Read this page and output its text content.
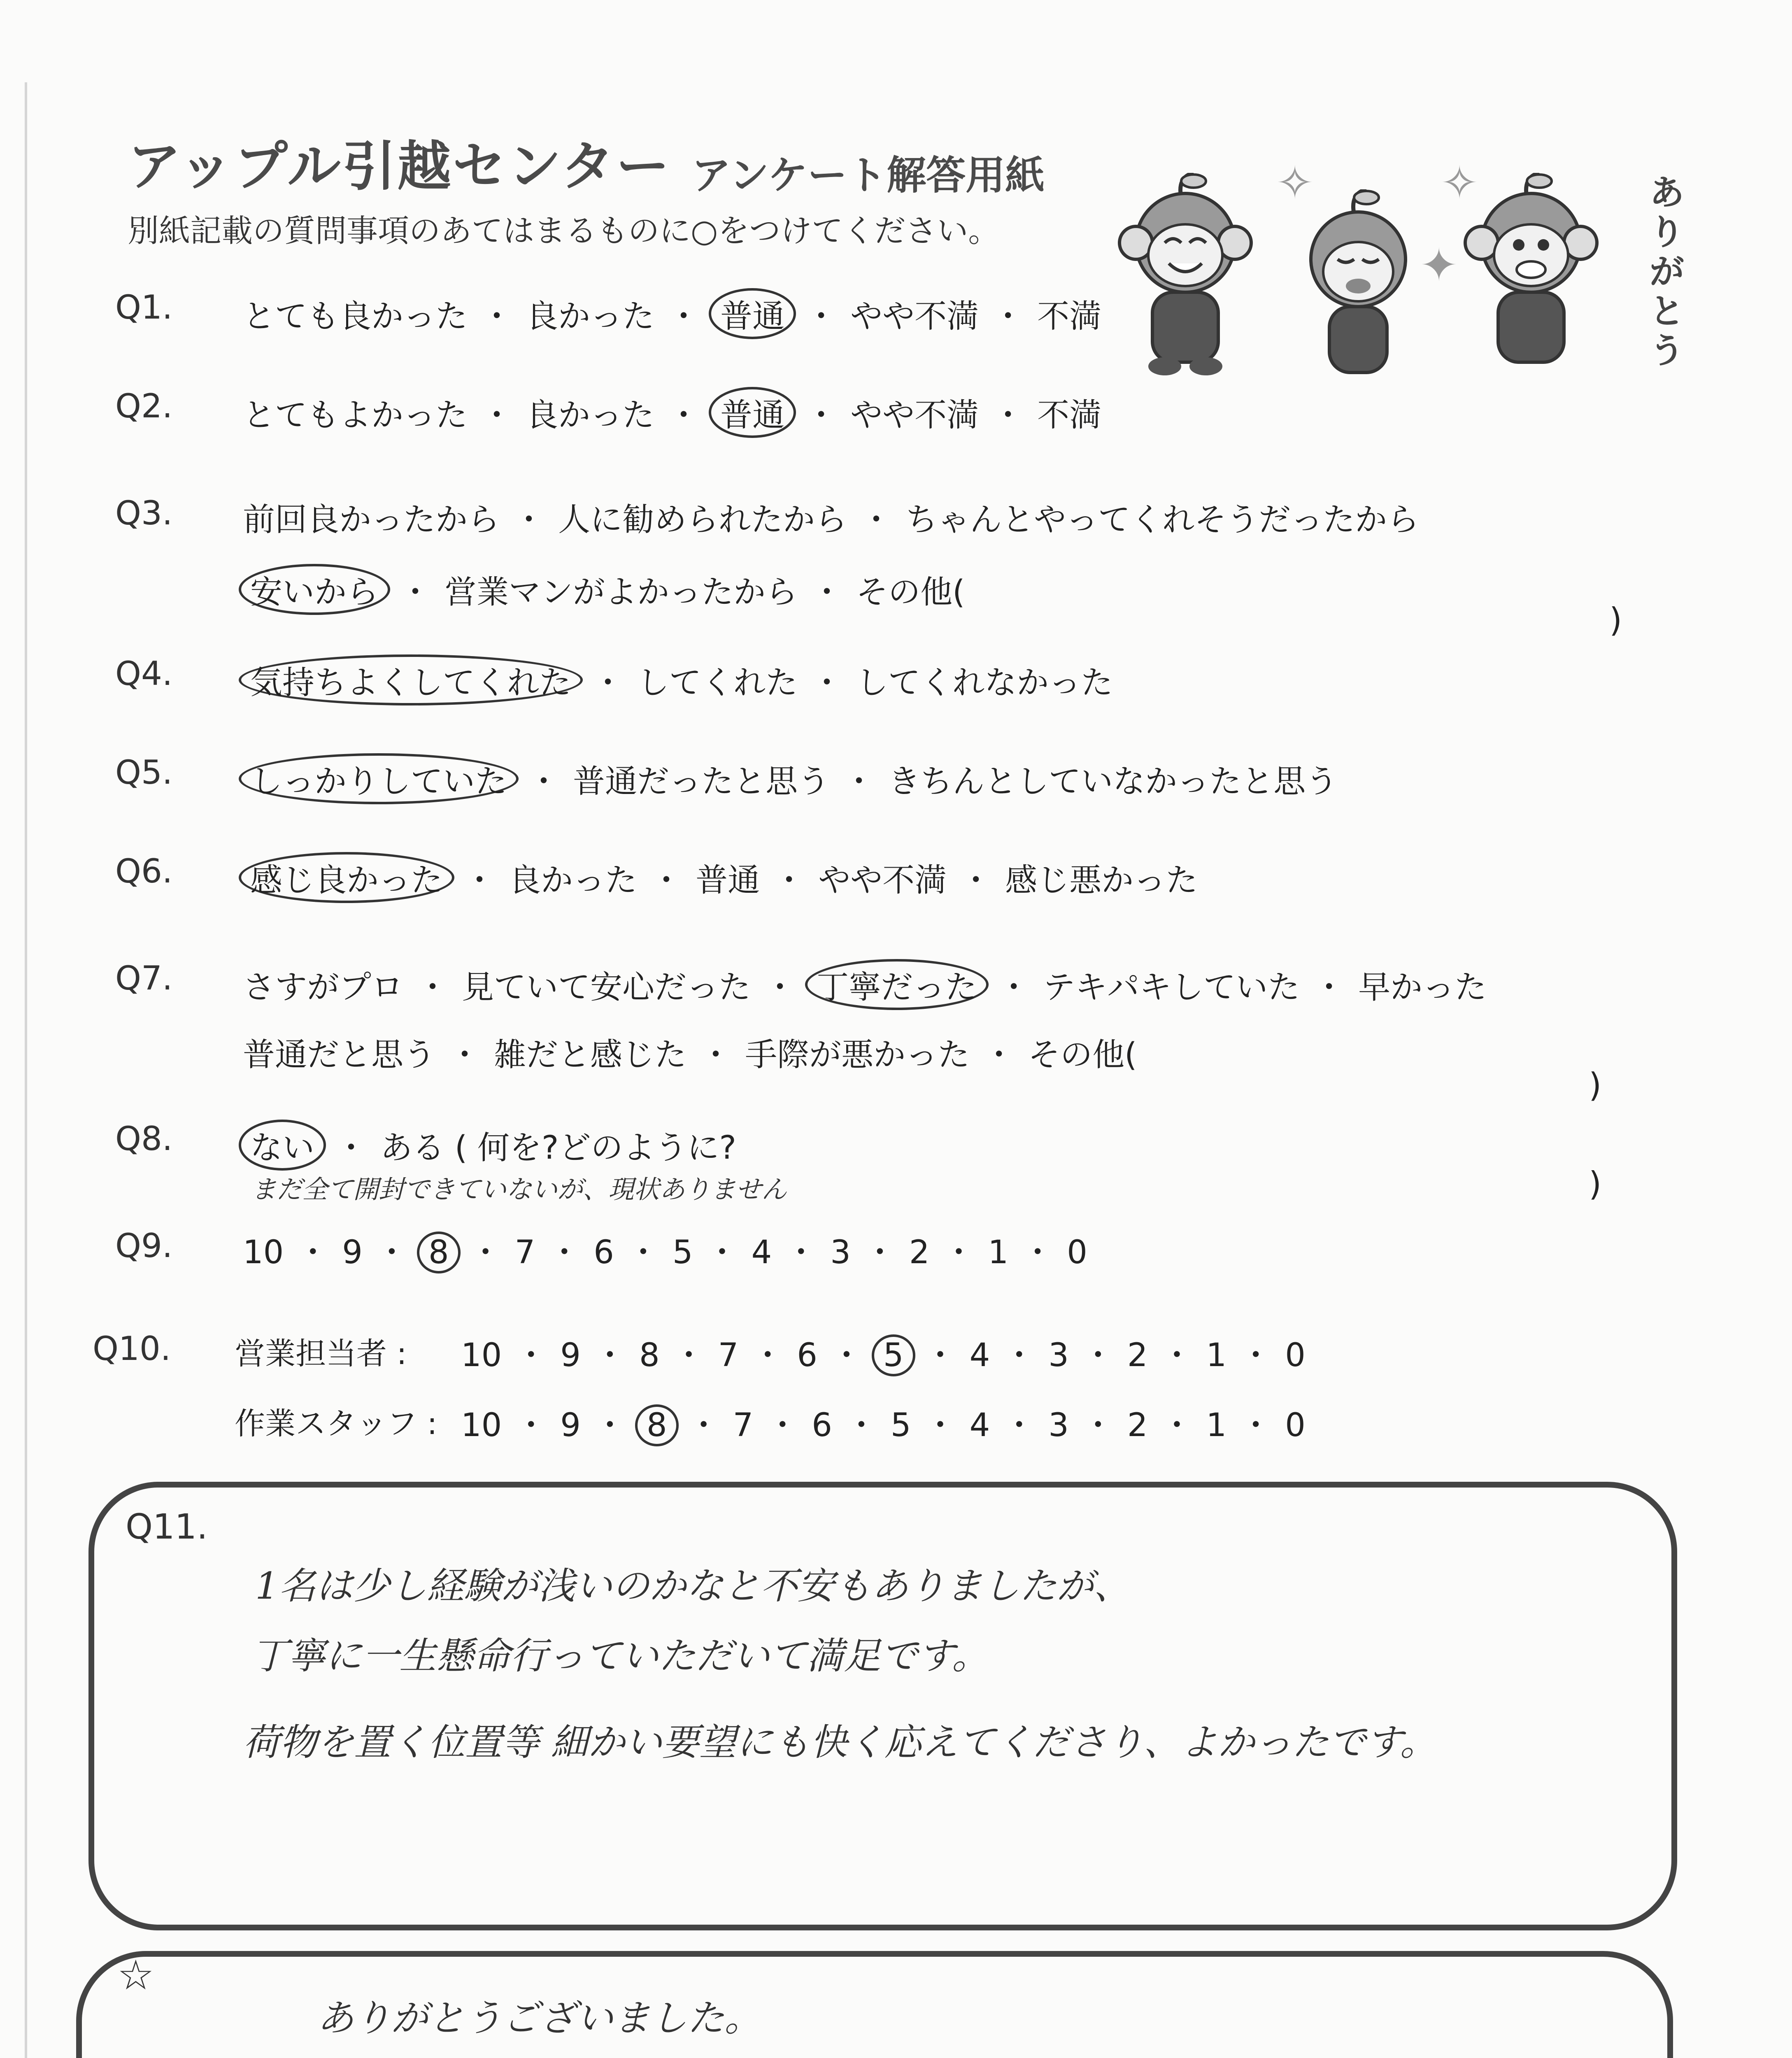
アップル引越センター アンケート解答用紙
別紙記載の質問事項のあてはまるものに○をつけてください。
✧
✦
✧	ありがとう
Q1. とても良かった ・ 良かった ・ 普通 ・ やや不満 ・ 不満
Q2. とてもよかった ・ 良かった ・ 普通 ・ やや不満 ・ 不満
Q3. 前回良かったから ・ 人に勧められたから ・ ちゃんとやってくれそうだったから
安いから ・ 営業マンがよかったから ・ その他(
Q4. 気持ちよくしてくれた ・ してくれた ・ してくれなかった
Q5. しっかりしていた ・ 普通だったと思う ・ きちんとしていなかったと思う
Q6. 感じ良かった ・ 良かった ・ 普通 ・ やや不満 ・ 感じ悪かった
Q7. さすがプロ ・ 見ていて安心だった ・ 丁寧だった ・ テキパキしていた ・ 早かった
普通だと思う ・ 雑だと感じた ・ 手際が悪かった ・ その他(
Q8. ない ・ ある ( 何を?どのように?
まだ全て開封できていないが、現状ありません
Q9. 10 ・ 9 ・ 8 ・ 7 ・ 6 ・ 5 ・ 4 ・ 3 ・ 2 ・ 1 ・ 0
)
)
)
Q10. 営業担当者 : 10 ・ 9 ・ 8 ・ 7 ・ 6 ・ 5 ・ 4 ・ 3 ・ 2 ・ 1 ・ 0
作業スタッフ : 10 ・ 9 ・ 8 ・ 7 ・ 6 ・ 5 ・ 4 ・ 3 ・ 2 ・ 1 ・ 0
Q11.
1名は少し経験が浅いのかなと不安もありましたが、
丁寧に一生懸命行っていただいて満足です。
荷物を置く位置等 細かい要望にも快く応えてくださり、よかったです。
☆
ありがとうございました。
